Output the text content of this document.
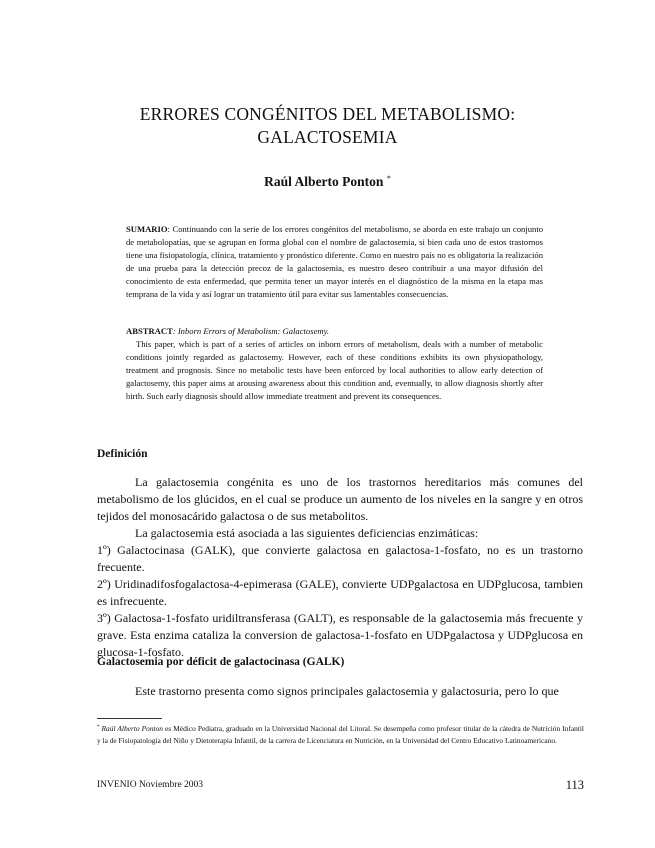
ERRORES CONGÉNITOS DEL METABOLISMO:
GALACTOSEMIA
Raúl Alberto Ponton *

SUMARIO: Continuando con la serie de los errores congénitos del metabolismo, se aborda en este trabajo un conjunto de metabolopatías, que se agrupan en forma global con el nombre de galactosemia, si bien cada uno de estos trastornos tiene una fisiopatología, clínica, tratamiento y pronóstico diferente. Como en nuestro país no es obligatoria la realización de una prueba para la detección precoz de la galactosemia, es nuestro deseo contribuir a una mayor difusión del conocimiento de esta enfermedad, que permita tener un mayor interés en el diagnóstico de la misma en la etapa mas temprana de la vida y así lograr un tratamiento útil para evitar sus lamentables consecuencias.

ABSTRACT: Inborn Errors of Metabolism: Galactosemy.
This paper, which is part of a series of articles on inborn errors of metabolism, deals with a number of metabolic conditions jointly regarded as galactosemy. However, each of these conditions exhibits its own physiopathology, treatment and prognosis. Since no metabolic tests have been enforced by local authorities to allow early detection of galactosemy, this paper aims at arousing awareness about this condition and, eventually, to allow diagnosis shortly after birth. Such early diagnosis should allow immediate treatment and prevent its consequences.
Definición

La galactosemia congénita es uno de los trastornos hereditarios más comunes del metabolismo de los glúcidos, en el cual se produce un aumento de los niveles en la sangre y en otros tejidos del monosacárido galactosa o de sus metabolitos.

La galactosemia está asociada a las siguientes deficiencias enzimáticas:

1º) Galactocinasa (GALK), que convierte galactosa en galactosa-1-fosfato, no es un trastorno frecuente.

2º) Uridinadifosfogalactosa-4-epimerasa (GALE), convierte UDPgalactosa en UDPglucosa, tambien es infrecuente.

3º) Galactosa-1-fosfato uridiltransferasa (GALT), es responsable de la galactosemia más frecuente y grave. Esta enzima cataliza la conversion de galactosa-1-fosfato en UDPgalactosa y UDPglucosa en glucosa-1-fosfato.

Galactosemia por déficit de galactocinasa (GALK)

Este trastorno presenta como signos principales galactosemia y galactosuria, pero lo que

* Raúl Alberto Ponton es Médico Pediatra, graduado en la Universidad Nacional del Litoral. Se desempeña como profesor titular de la cátedra de Nutrición Infantil y la de Fisiopatología del Niño y Dietoterapia Infantil, de la carrera de Licenciatura en Nutrición, en la Universidad del Centro Educativo Latinoamericano.

INVENIO Noviembre 2003	113
